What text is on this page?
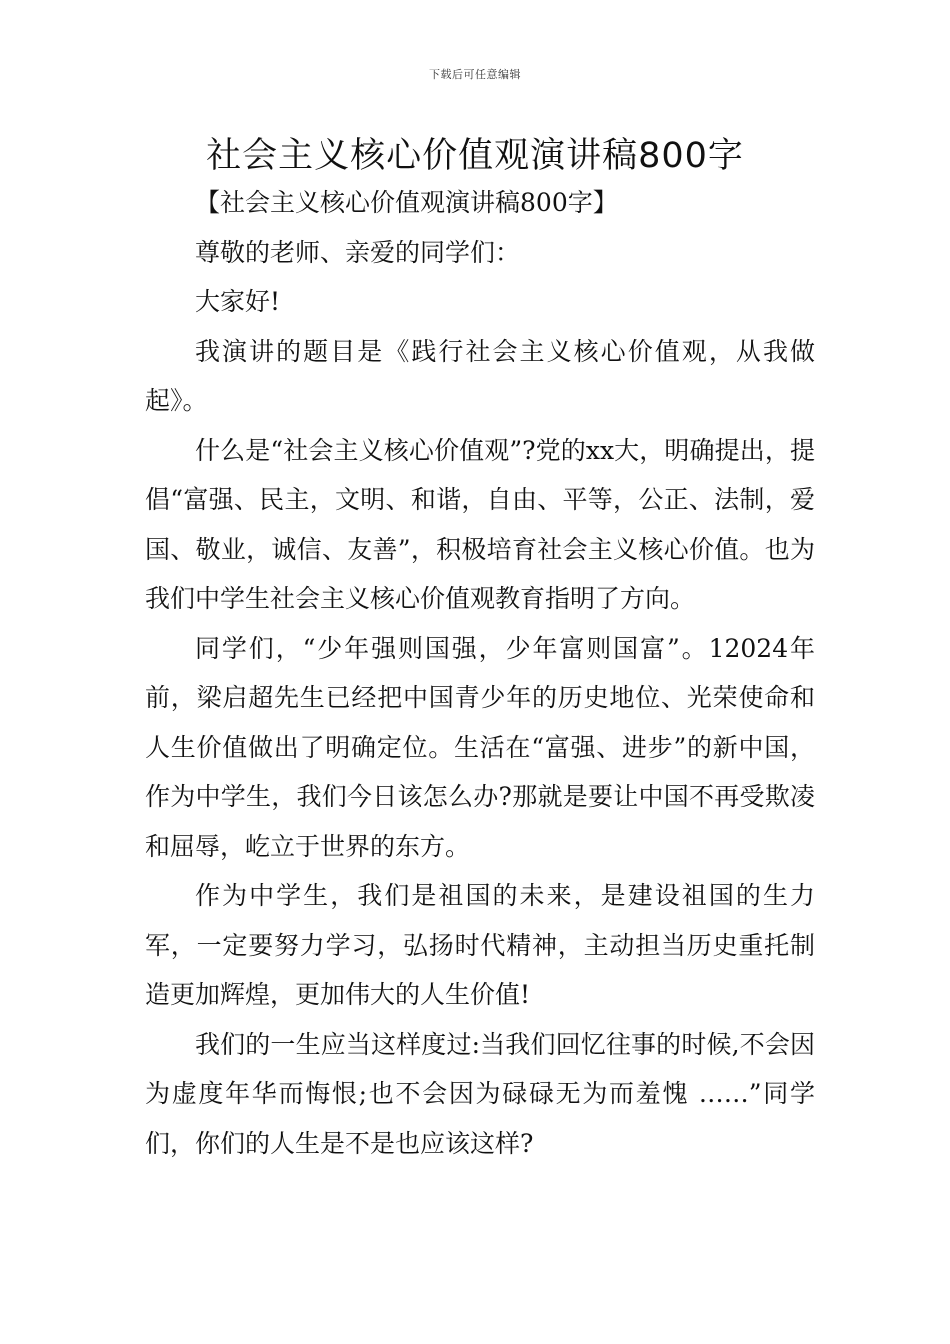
下载后可任意编辑
社会主义核心价值观演讲稿800字

【社会主义核心价值观演讲稿800字】

尊敬的老师、亲爱的同学们：

大家好!

我演讲的题目是《践行社会主义核心价值观，从我做起》。

什么是“社会主义核心价值观”?党的xx大，明确提出，提倡“富强、民主，文明、和谐，自由、平等，公正、法制，爱国、敬业，诚信、友善”，积极培育社会主义核心价值。也为我们中学生社会主义核心价值观教育指明了方向。

同学们，“少年强则国强，少年富则国富”。12024年前，梁启超先生已经把中国青少年的历史地位、光荣使命和人生价值做出了明确定位。生活在“富强、进步”的新中国，作为中学生，我们今日该怎么办?那就是要让中国不再受欺凌和屈辱，屹立于世界的东方。

作为中学生，我们是祖国的未来，是建设祖国的生力军，一定要努力学习，弘扬时代精神，主动担当历史重托制造更加辉煌，更加伟大的人生价值!

我们的一生应当这样度过:当我们回忆往事的时候,不会因为虚度年华而悔恨;也不会因为碌碌无为而羞愧 ……”同学们，你们的人生是不是也应该这样?
